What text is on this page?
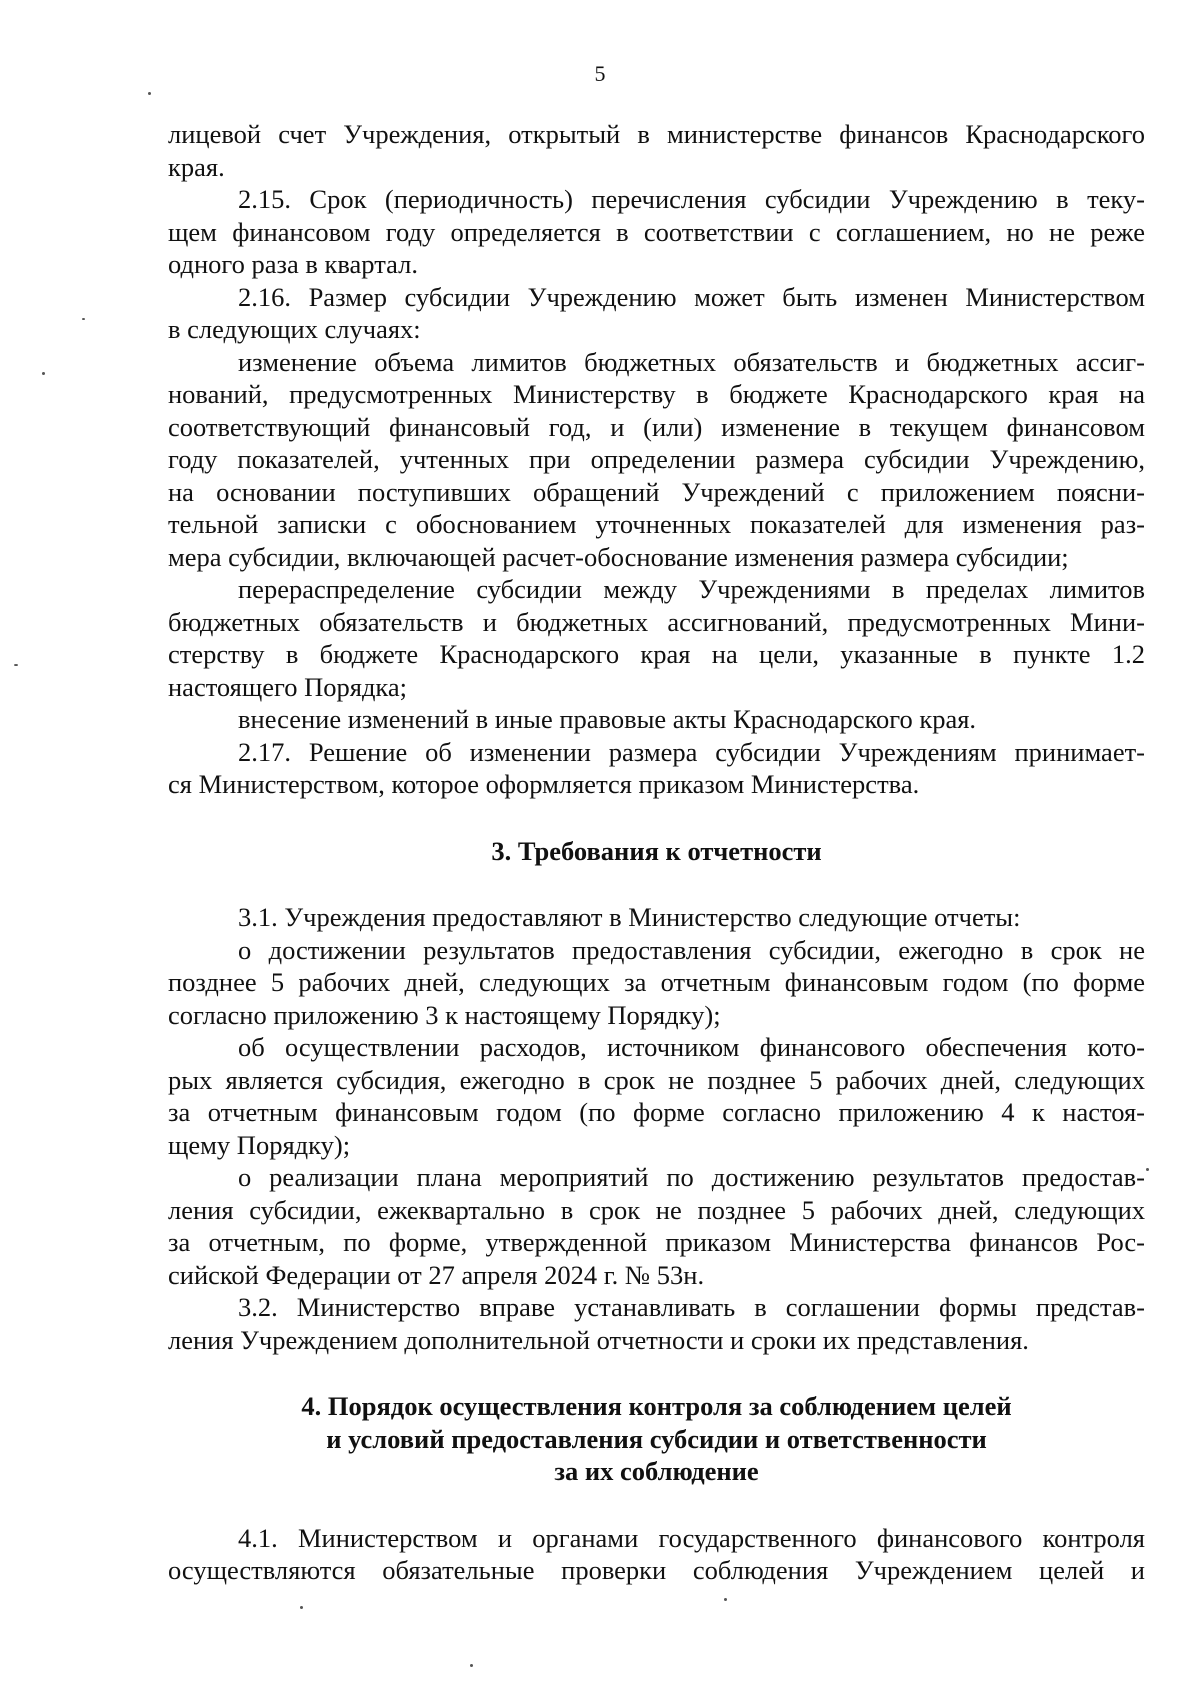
5

лицевой счет Учреждения, открытый в министерстве финансов Краснодарского

края.

2.15. Срок (периодичность) перечисления субсидии Учреждению в теку-

щем финансовом году определяется в соответствии с соглашением, но не реже

одного раза в квартал.

2.16. Размер субсидии Учреждению может быть изменен Министерством

в следующих случаях:

изменение объема лимитов бюджетных обязательств и бюджетных ассиг-

нований, предусмотренных Министерству в бюджете Краснодарского края на

соответствующий финансовый год, и (или) изменение в текущем финансовом

году показателей, учтенных при определении размера субсидии Учреждению,

на основании поступивших обращений Учреждений с приложением поясни-

тельной записки с обоснованием уточненных показателей для изменения раз-

мера субсидии, включающей расчет-обоснование изменения размера субсидии;

перераспределение субсидии между Учреждениями в пределах лимитов

бюджетных обязательств и бюджетных ассигнований, предусмотренных Мини-

стерству в бюджете Краснодарского края на цели, указанные в пункте 1.2

настоящего Порядка;

внесение изменений в иные правовые акты Краснодарского края.

2.17. Решение об изменении размера субсидии Учреждениям принимает-

ся Министерством, которое оформляется приказом Министерства.

3. Требования к отчетности

3.1. Учреждения предоставляют в Министерство следующие отчеты:

о достижении результатов предоставления субсидии, ежегодно в срок не

позднее 5 рабочих дней, следующих за отчетным финансовым годом (по форме

согласно приложению 3 к настоящему Порядку);

об осуществлении расходов, источником финансового обеспечения кото-

рых является субсидия, ежегодно в срок не позднее 5 рабочих дней, следующих

за отчетным финансовым годом (по форме согласно приложению 4 к настоя-

щему Порядку);

о реализации плана мероприятий по достижению результатов предостав-

ления субсидии, ежеквартально в срок не позднее 5 рабочих дней, следующих

за отчетным, по форме, утвержденной приказом Министерства финансов Рос-

сийской Федерации от 27 апреля 2024 г. № 53н.

3.2. Министерство вправе устанавливать в соглашении формы представ-

ления Учреждением дополнительной отчетности и сроки их представления.

4. Порядок осуществления контроля за соблюдением целей
и условий предоставления субсидии и ответственности
за их соблюдение

4.1. Министерством и органами государственного финансового контроля

осуществляются обязательные проверки соблюдения Учреждением целей и
